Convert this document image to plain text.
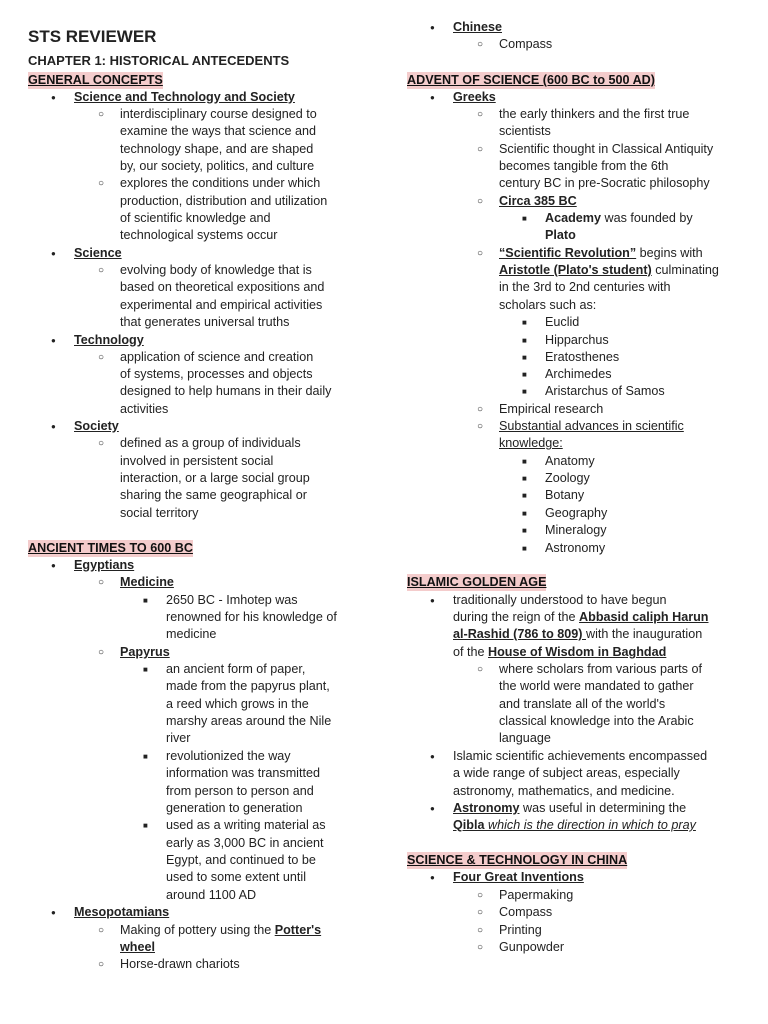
STS REVIEWER
CHAPTER 1: HISTORICAL ANTECEDENTS
GENERAL CONCEPTS
Science and Technology and Society
●
interdisciplinary course designed to
○
examine the ways that science and
technology shape, and are shaped
by, our society, politics, and culture
explores the conditions under which
○
production, distribution and utilization
of scientific knowledge and
technological systems occur
Science
●
evolving body of knowledge that is
○
based on theoretical expositions and
experimental and empirical activities
that generates universal truths
Technology
●
application of science and creation
○
of systems, processes and objects
designed to help humans in their daily
activities
Society
●
defined as a group of individuals
○
involved in persistent social
interaction, or a large social group
sharing the same geographical or
social territory
ANCIENT TIMES TO 600 BC
Egyptians
●
Medicine
○
2650 BC - Imhotep was
■
renowned for his knowledge of
medicine
Papyrus
○
an ancient form of paper,
■
made from the papyrus plant,
a reed which grows in the
marshy areas around the Nile
river
revolutionized the way
■
information was transmitted
from person to person and
generation to generation
used as a writing material as
■
early as 3,000 BC in ancient
Egypt, and continued to be
used to some extent until
around 1100 AD
Mesopotamians
●
Making of pottery using the Potter's
○
wheel
Horse-drawn chariots
○
Chinese
●
Compass
○
ADVENT OF SCIENCE (600 BC to 500 AD)
Greeks
●
the early thinkers and the first true
○
scientists
Scientific thought in Classical Antiquity
○
becomes tangible from the 6th
century BC in pre-Socratic philosophy
Circa 385 BC
○
Academy was founded by
■
Plato
“Scientific Revolution” begins with
○
Aristotle (Plato's student) culminating
in the 3rd to 2nd centuries with
scholars such as:
Euclid
■
Hipparchus
■
Eratosthenes
■
Archimedes
■
Aristarchus of Samos
■
Empirical research
○
Substantial advances in scientific
○
knowledge:
Anatomy
■
Zoology
■
Botany
■
Geography
■
Mineralogy
■
Astronomy
■
ISLAMIC GOLDEN AGE
traditionally understood to have begun
●
during the reign of the Abbasid caliph Harun
al-Rashid (786 to 809) with the inauguration
of the House of Wisdom in Baghdad
where scholars from various parts of
○
the world were mandated to gather
and translate all of the world's
classical knowledge into the Arabic
language
Islamic scientific achievements encompassed
●
a wide range of subject areas, especially
astronomy, mathematics, and medicine.
Astronomy was useful in determining the
●
Qibla which is the direction in which to pray
SCIENCE & TECHNOLOGY IN CHINA
Four Great Inventions
●
Papermaking
○
Compass
○
Printing
○
Gunpowder
○
